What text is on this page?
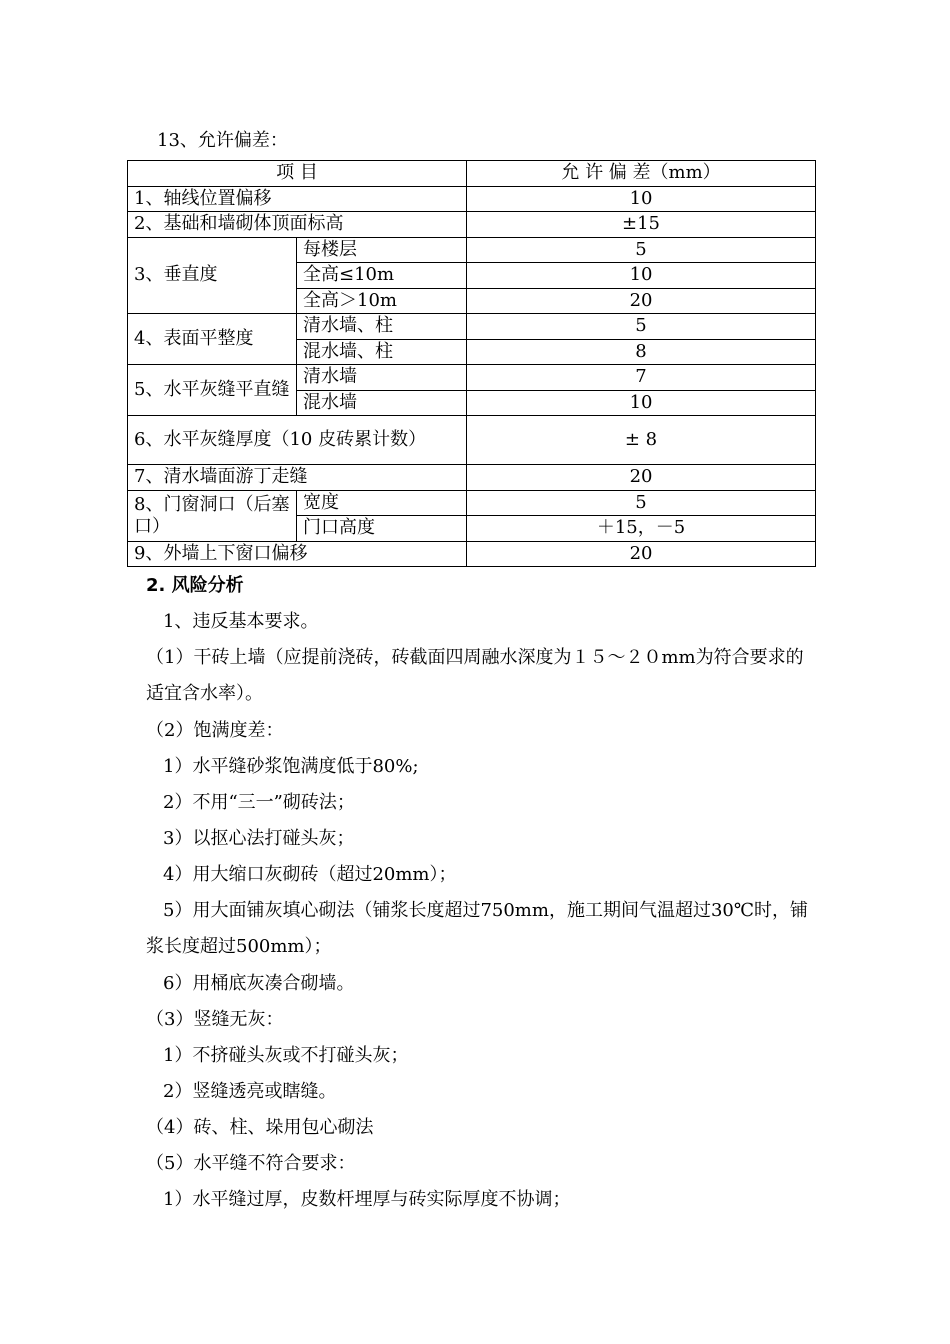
13、允许偏差：
项 目		允 许 偏 差（mm）
1、轴线位置偏移		10
2、基础和墙砌体顶面标高		±15
3、垂直度	每楼层	5
	全高≤10m	10
	全高＞10m	20
4、表面平整度	清水墙、柱	5
	混水墙、柱	8
5、水平灰缝平直缝	清水墙	7
	混水墙	10
6、水平灰缝厚度（10 皮砖累计数）		± 8
7、清水墙面游丁走缝		20
8、门窗洞口（后塞口）	宽度	5
	门口高度	＋15，－5
9、外墙上下窗口偏移		20
2. 风险分析
1、违反基本要求。
（1）干砖上墙（应提前浇砖，砖截面四周融水深度为１５～２０mm为符合要求的适宜含水率）。
（2）饱满度差：
1）水平缝砂浆饱满度低于80%;
2）不用“三一”砌砖法；
3）以抠心法打碰头灰；
4）用大缩口灰砌砖（超过20mm）；
5）用大面铺灰填心砌法（铺浆长度超过750mm，施工期间气温超过30℃时，铺浆长度超过500mm）；
6）用桶底灰凑合砌墙。
（3）竖缝无灰：
1）不挤碰头灰或不打碰头灰；
2）竖缝透亮或瞎缝。
（4）砖、柱、垛用包心砌法
（5）水平缝不符合要求：
1）水平缝过厚，皮数杆埋厚与砖实际厚度不协调；
